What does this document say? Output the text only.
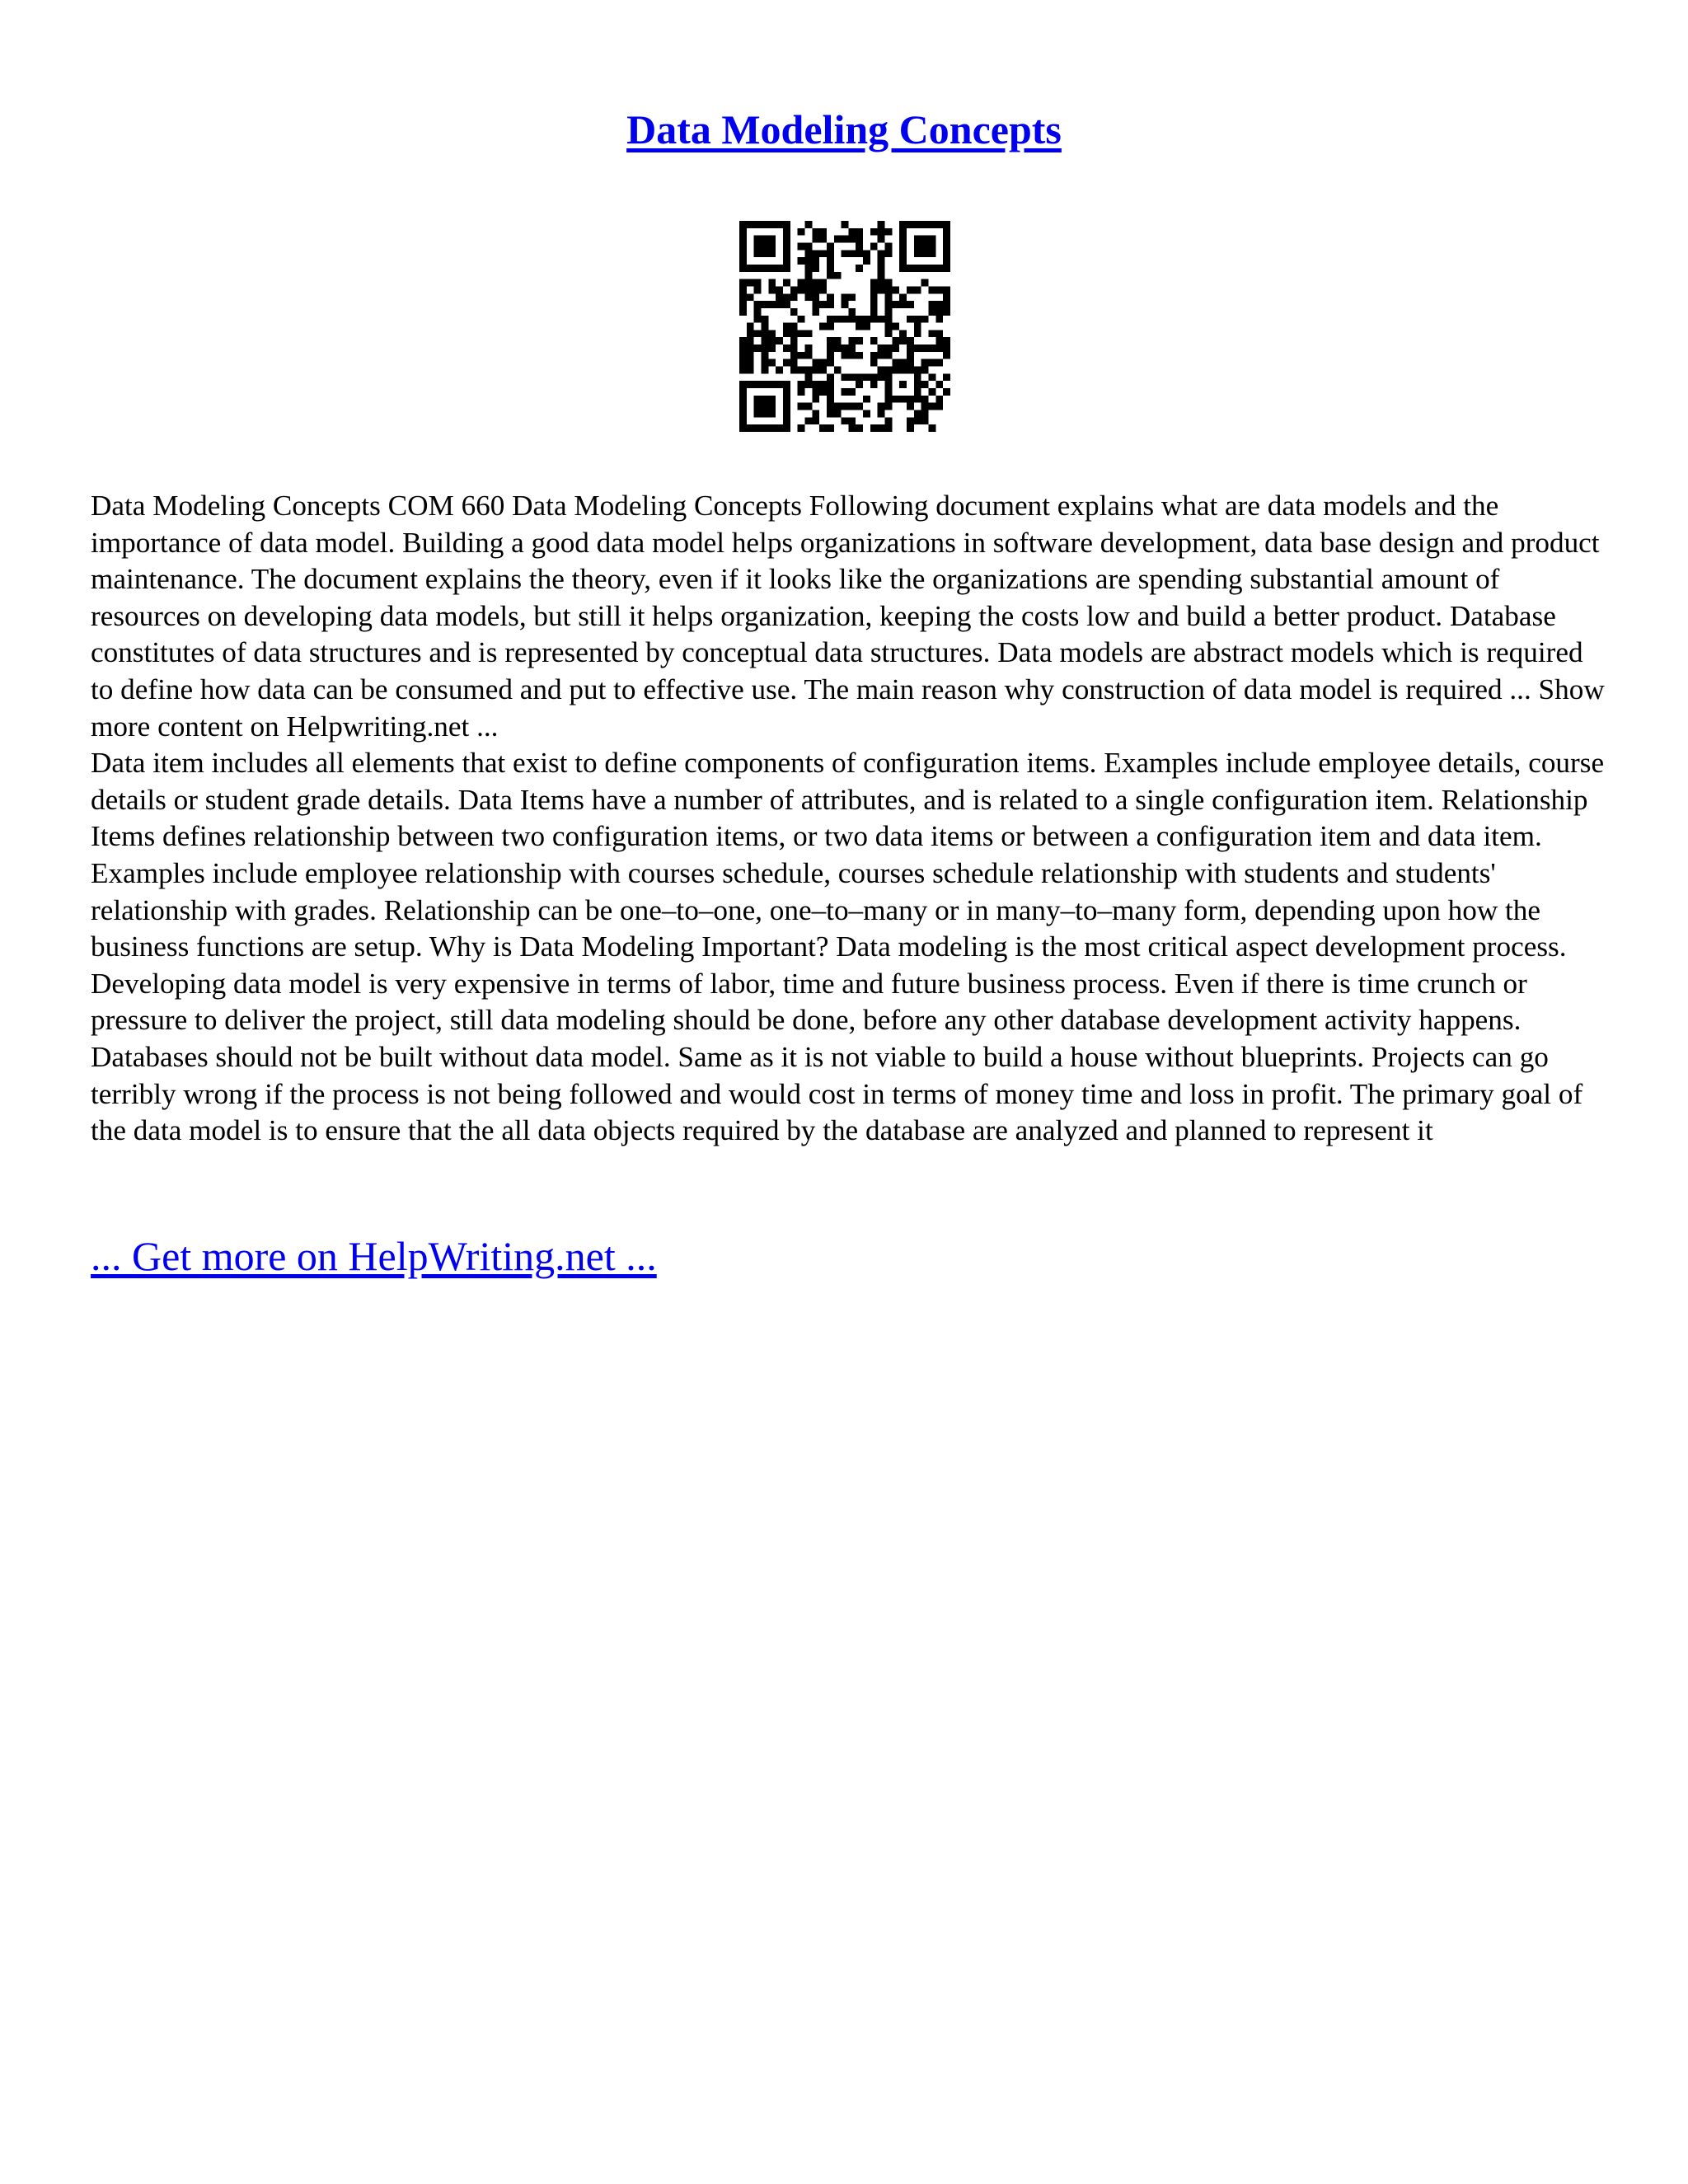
Data Modeling Concepts

Data Modeling Concepts COM 660 Data Modeling Concepts Following document explains what are data models and the importance of data model. Building a good data model helps organizations in software development, data base design and product maintenance. The document explains the theory, even if it looks like the organizations are spending substantial amount of resources on developing data models, but still it helps organization, keeping the costs low and build a better product. Database constitutes of data structures and is represented by conceptual data structures. Data models are abstract models which is required to define how data can be consumed and put to effective use. The main reason why construction of data model is required ... Show more content on Helpwriting.net ...

Data item includes all elements that exist to define components of configuration items. Examples include employee details, course details or student grade details. Data Items have a number of attributes, and is related to a single configuration item. Relationship Items defines relationship between two configuration items, or two data items or between a configuration item and data item. Examples include employee relationship with courses schedule, courses schedule relationship with students and students' relationship with grades. Relationship can be one–to–one, one–to–many or in many–to–many form, depending upon how the business functions are setup. Why is Data Modeling Important? Data modeling is the most critical aspect development process. Developing data model is very expensive in terms of labor, time and future business process. Even if there is time crunch or pressure to deliver the project, still data modeling should be done, before any other database development activity happens. Databases should not be built without data model. Same as it is not viable to build a house without blueprints. Projects can go terribly wrong if the process is not being followed and would cost in terms of money time and loss in profit. The primary goal of the data model is to ensure that the all data objects required by the database are analyzed and planned to represent it

... Get more on HelpWriting.net ...
